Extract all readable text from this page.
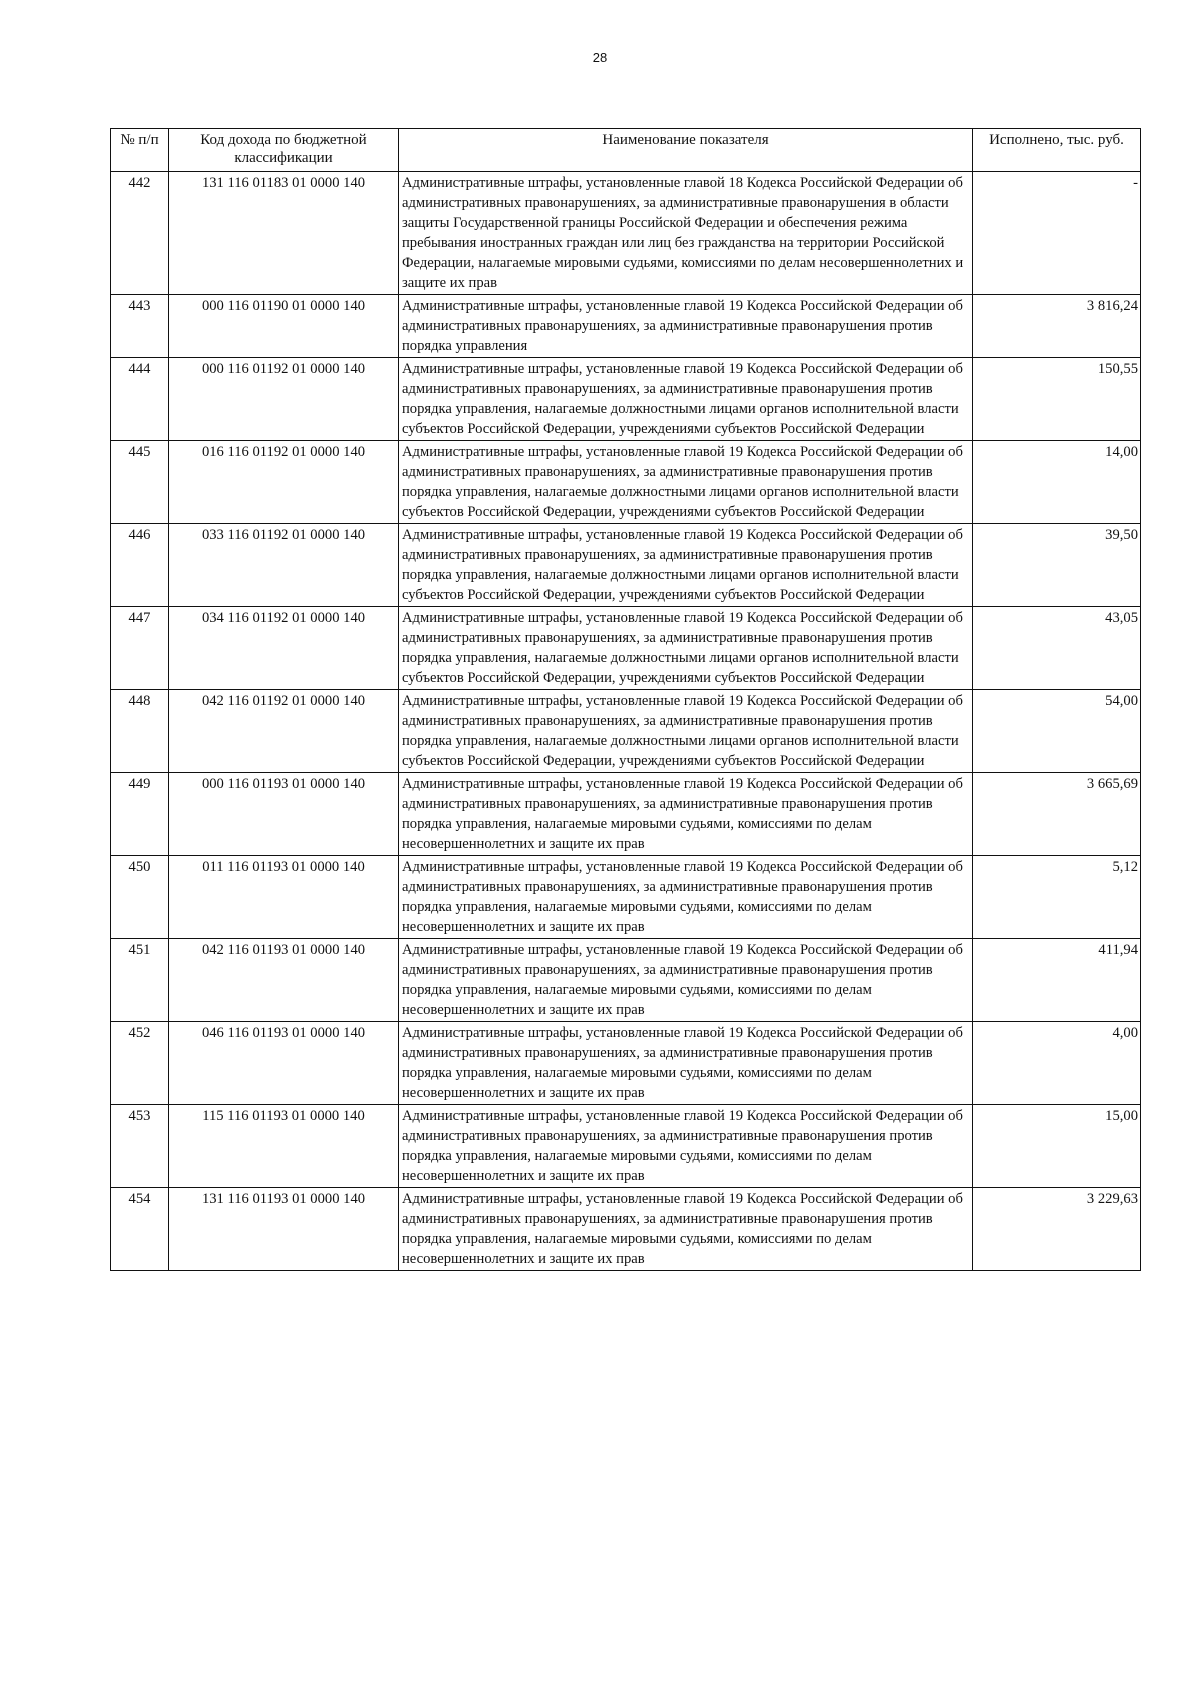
28
№ п/п	Код дохода по бюджетной классификации	Наименование показателя	Исполнено, тыс. руб.
442	131 116 01183 01 0000 140	Административные штрафы, установленные главой 18 Кодекса Российской Федерации об административных правонарушениях, за административные правонарушения в области защиты Государственной границы Российской Федерации и обеспечения режима пребывания иностранных граждан или лиц без гражданства на территории Российской Федерации, налагаемые мировыми судьями, комиссиями по делам несовершеннолетних и защите их прав	-
443	000 116 01190 01 0000 140	Административные штрафы, установленные главой 19 Кодекса Российской Федерации об административных правонарушениях, за административные правонарушения против порядка управления	3 816,24
444	000 116 01192 01 0000 140	Административные штрафы, установленные главой 19 Кодекса Российской Федерации об административных правонарушениях, за административные правонарушения против порядка управления, налагаемые должностными лицами органов исполнительной власти субъектов Российской Федерации, учреждениями субъектов Российской Федерации	150,55
445	016 116 01192 01 0000 140	Административные штрафы, установленные главой 19 Кодекса Российской Федерации об административных правонарушениях, за административные правонарушения против порядка управления, налагаемые должностными лицами органов исполнительной власти субъектов Российской Федерации, учреждениями субъектов Российской Федерации	14,00
446	033 116 01192 01 0000 140	Административные штрафы, установленные главой 19 Кодекса Российской Федерации об административных правонарушениях, за административные правонарушения против порядка управления, налагаемые должностными лицами органов исполнительной власти субъектов Российской Федерации, учреждениями субъектов Российской Федерации	39,50
447	034 116 01192 01 0000 140	Административные штрафы, установленные главой 19 Кодекса Российской Федерации об административных правонарушениях, за административные правонарушения против порядка управления, налагаемые должностными лицами органов исполнительной власти субъектов Российской Федерации, учреждениями субъектов Российской Федерации	43,05
448	042 116 01192 01 0000 140	Административные штрафы, установленные главой 19 Кодекса Российской Федерации об административных правонарушениях, за административные правонарушения против порядка управления, налагаемые должностными лицами органов исполнительной власти субъектов Российской Федерации, учреждениями субъектов Российской Федерации	54,00
449	000 116 01193 01 0000 140	Административные штрафы, установленные главой 19 Кодекса Российской Федерации об административных правонарушениях, за административные правонарушения против порядка управления, налагаемые мировыми судьями, комиссиями по делам несовершеннолетних и защите их прав	3 665,69
450	011 116 01193 01 0000 140	Административные штрафы, установленные главой 19 Кодекса Российской Федерации об административных правонарушениях, за административные правонарушения против порядка управления, налагаемые мировыми судьями, комиссиями по делам несовершеннолетних и защите их прав	5,12
451	042 116 01193 01 0000 140	Административные штрафы, установленные главой 19 Кодекса Российской Федерации об административных правонарушениях, за административные правонарушения против порядка управления, налагаемые мировыми судьями, комиссиями по делам несовершеннолетних и защите их прав	411,94
452	046 116 01193 01 0000 140	Административные штрафы, установленные главой 19 Кодекса Российской Федерации об административных правонарушениях, за административные правонарушения против порядка управления, налагаемые мировыми судьями, комиссиями по делам несовершеннолетних и защите их прав	4,00
453	115 116 01193 01 0000 140	Административные штрафы, установленные главой 19 Кодекса Российской Федерации об административных правонарушениях, за административные правонарушения против порядка управления, налагаемые мировыми судьями, комиссиями по делам несовершеннолетних и защите их прав	15,00
454	131 116 01193 01 0000 140	Административные штрафы, установленные главой 19 Кодекса Российской Федерации об административных правонарушениях, за административные правонарушения против порядка управления, налагаемые мировыми судьями, комиссиями по делам несовершеннолетних и защите их прав	3 229,63
